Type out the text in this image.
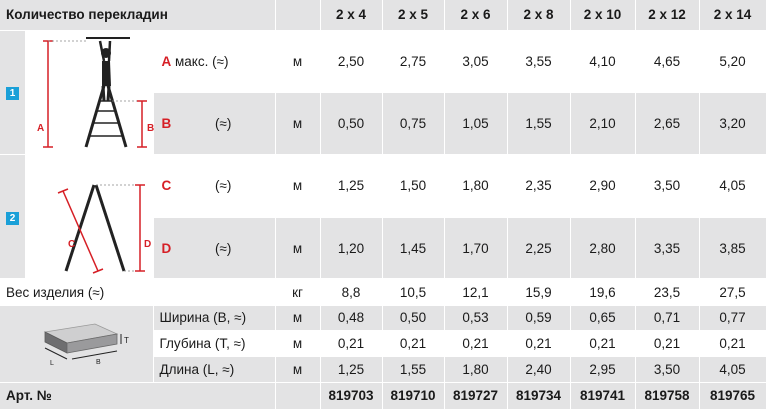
Количество перекладин				2 x 4	2 x 5	2 x 6	2 x 8	2 x 10	2 x 12	2 x 14
1	A B	A макс. (≈)	м	2,50	2,75	3,05	3,55	4,10	4,65	5,20
		B (≈)	м	0,50	0,75	1,05	1,55	2,10	2,65	3,20
2	C D	C (≈)	м	1,25	1,50	1,80	2,35	2,90	3,50	4,05
		D (≈)	м	1,20	1,45	1,70	2,25	2,80	3,35	3,85
Вес изделия (≈)			кг	8,8	10,5	12,1	15,9	19,6	23,5	27,5

T
L B		Ширина (B, ≈)	м	0,48	0,50	0,53	0,59	0,65	0,71	0,77
		Глубина (T, ≈)	м	0,21	0,21	0,21	0,21	0,21	0,21	0,21
		Длина (L, ≈)	м	1,25	1,55	1,80	2,40	2,95	3,50	4,05
Арт. №				819703	819710	819727	819734	819741	819758	819765
